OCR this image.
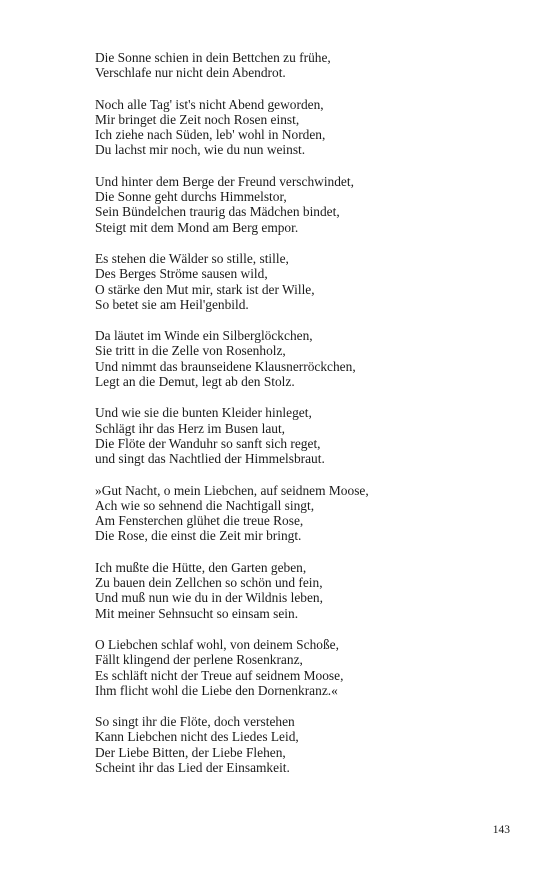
Die Sonne schien in dein Bettchen zu frühe,
Verschlafe nur nicht dein Abendrot.
Noch alle Tag' ist's nicht Abend geworden,
Mir bringet die Zeit noch Rosen einst,
Ich ziehe nach Süden, leb' wohl in Norden,
Du lachst mir noch, wie du nun weinst.
Und hinter dem Berge der Freund verschwindet,
Die Sonne geht durchs Himmelstor,
Sein Bündelchen traurig das Mädchen bindet,
Steigt mit dem Mond am Berg empor.
Es stehen die Wälder so stille, stille,
Des Berges Ströme sausen wild,
O stärke den Mut mir, stark ist der Wille,
So betet sie am Heil'genbild.
Da läutet im Winde ein Silberglöckchen,
Sie tritt in die Zelle von Rosenholz,
Und nimmt das braunseidene Klausnerröckchen,
Legt an die Demut, legt ab den Stolz.
Und wie sie die bunten Kleider hinleget,
Schlägt ihr das Herz im Busen laut,
Die Flöte der Wanduhr so sanft sich reget,
und singt das Nachtlied der Himmelsbraut.
»Gut Nacht, o mein Liebchen, auf seidnem Moose,
Ach wie so sehnend die Nachtigall singt,
Am Fensterchen glühet die treue Rose,
Die Rose, die einst die Zeit mir bringt.
Ich mußte die Hütte, den Garten geben,
Zu bauen dein Zellchen so schön und fein,
Und muß nun wie du in der Wildnis leben,
Mit meiner Sehnsucht so einsam sein.
O Liebchen schlaf wohl, von deinem Schoße,
Fällt klingend der perlene Rosenkranz,
Es schläft nicht der Treue auf seidnem Moose,
Ihm flicht wohl die Liebe den Dornenkranz.«
So singt ihr die Flöte, doch verstehen
Kann Liebchen nicht des Liedes Leid,
Der Liebe Bitten, der Liebe Flehen,
Scheint ihr das Lied der Einsamkeit.
143
